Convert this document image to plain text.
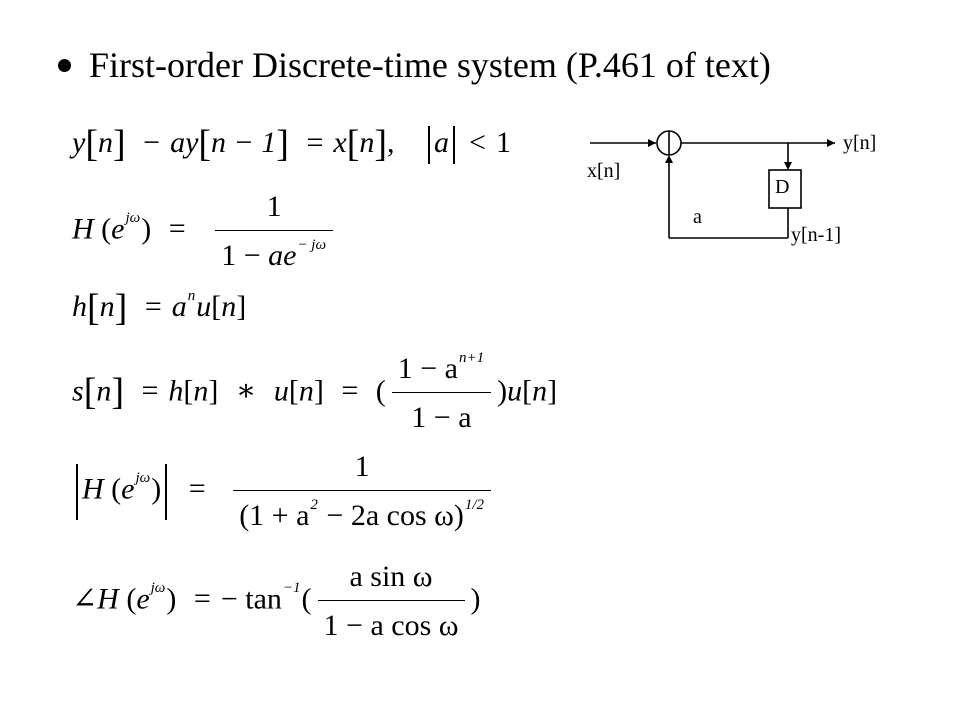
First-order Discrete-time system (P.461 of text)
y[n] − ay[n − 1] = x[n], a < 1
H $(e^{j\omega}) = \frac{1}{1 - ae^{- j\omega}}$
$h[n] = a^nu[n]$
s[n] = h[n] ∗ u[n] = ( $\frac{1 - a^{n+1}}{1 - a} )u[n]$
H $(e^{j\omega}) = \frac{1}{(1 + a^2 - 2a \cos \omega)^{1/2}}$
∠H $(e^{j\omega})$ = − $\tan^{-1}( \frac{\text{a sin ω}}{\text{1 − a cos ω}}$ )
x[n]
y[n]
D
a
y[n-1]
